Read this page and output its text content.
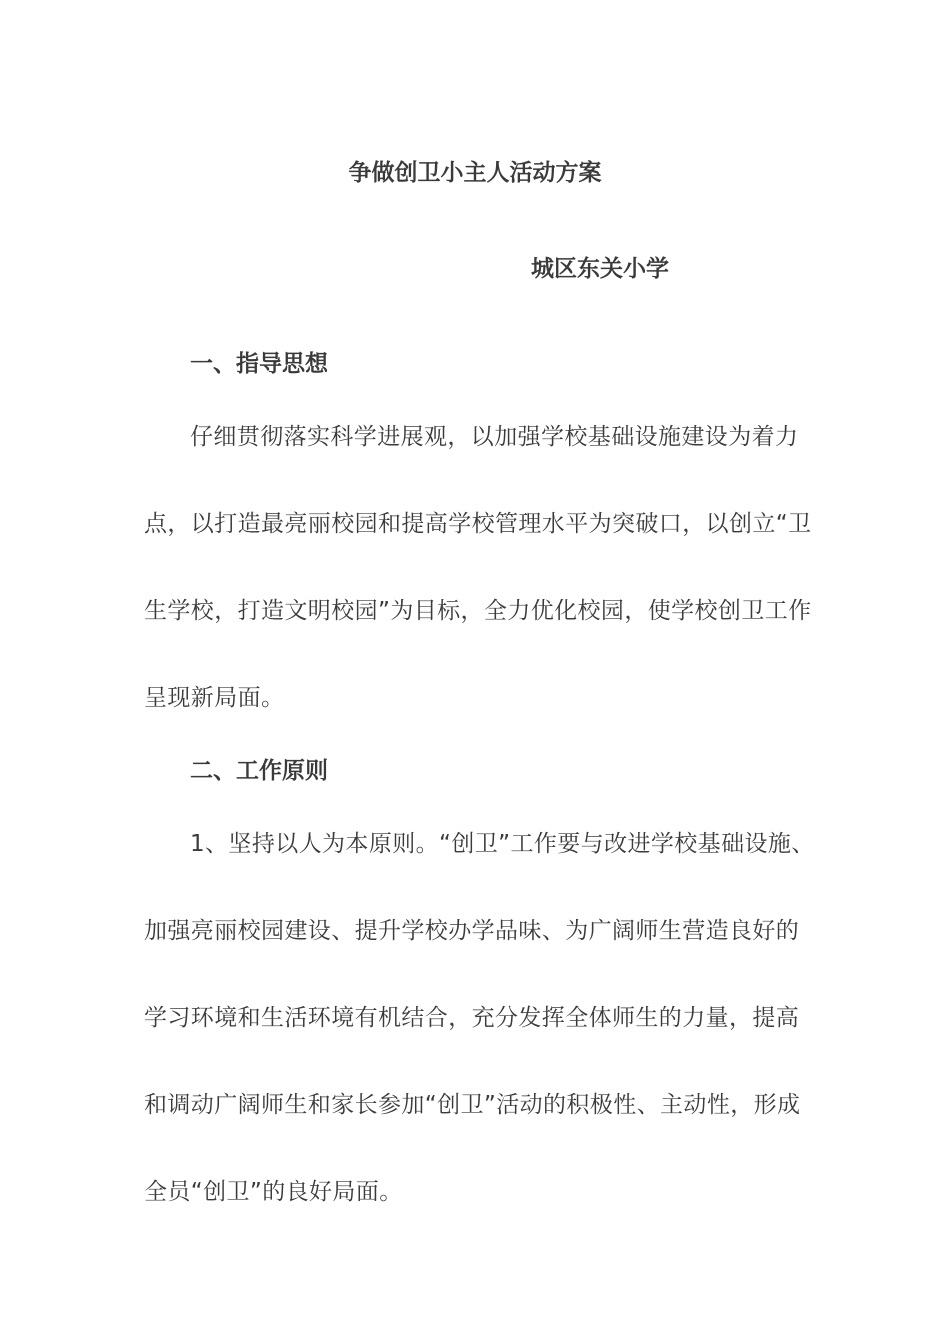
争做创卫小主人活动方案
城区东关小学
一、指导思想
仔细贯彻落实科学进展观，以加强学校基础设施建设为着力
点，以打造最亮丽校园和提高学校管理水平为突破口，以创立“卫
生学校，打造文明校园”为目标，全力优化校园，使学校创卫工作
呈现新局面。
二、工作原则
1、坚持以人为本原则。“创卫”工作要与改进学校基础设施、
加强亮丽校园建设、提升学校办学品味、为广阔师生营造良好的
学习环境和生活环境有机结合，充分发挥全体师生的力量，提高
和调动广阔师生和家长参加“创卫”活动的积极性、主动性，形成
全员“创卫”的良好局面。
